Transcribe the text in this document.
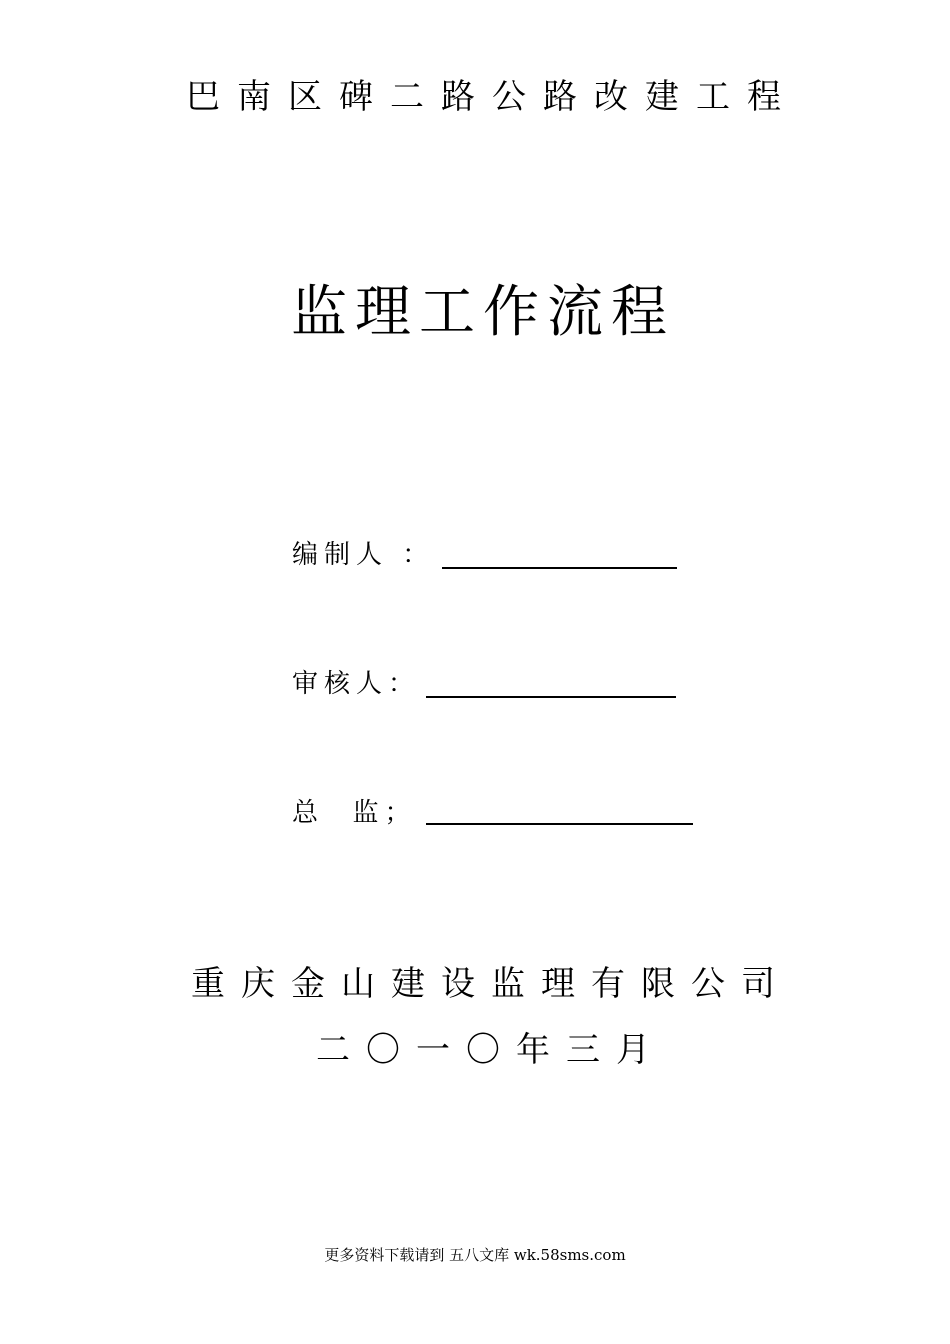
巴南区碑二路公路改建工程
监理工作流程
编制人 ：
审核人：
总  监；
重庆金山建设监理有限公司
二〇一〇年三月
更多资料下载请到 五八文库 wk.58sms.com
